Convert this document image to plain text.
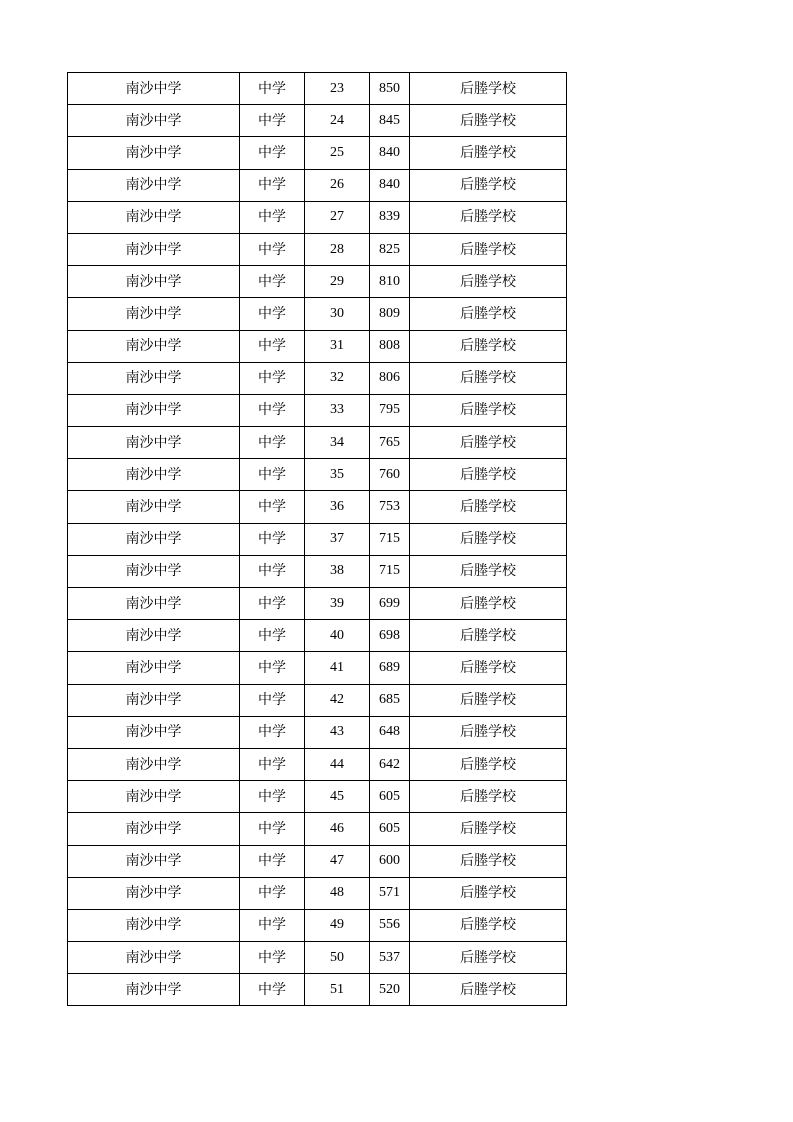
南沙中学	中学	23	850	后塍学校
南沙中学	中学	24	845	后塍学校
南沙中学	中学	25	840	后塍学校
南沙中学	中学	26	840	后塍学校
南沙中学	中学	27	839	后塍学校
南沙中学	中学	28	825	后塍学校
南沙中学	中学	29	810	后塍学校
南沙中学	中学	30	809	后塍学校
南沙中学	中学	31	808	后塍学校
南沙中学	中学	32	806	后塍学校
南沙中学	中学	33	795	后塍学校
南沙中学	中学	34	765	后塍学校
南沙中学	中学	35	760	后塍学校
南沙中学	中学	36	753	后塍学校
南沙中学	中学	37	715	后塍学校
南沙中学	中学	38	715	后塍学校
南沙中学	中学	39	699	后塍学校
南沙中学	中学	40	698	后塍学校
南沙中学	中学	41	689	后塍学校
南沙中学	中学	42	685	后塍学校
南沙中学	中学	43	648	后塍学校
南沙中学	中学	44	642	后塍学校
南沙中学	中学	45	605	后塍学校
南沙中学	中学	46	605	后塍学校
南沙中学	中学	47	600	后塍学校
南沙中学	中学	48	571	后塍学校
南沙中学	中学	49	556	后塍学校
南沙中学	中学	50	537	后塍学校
南沙中学	中学	51	520	后塍学校
